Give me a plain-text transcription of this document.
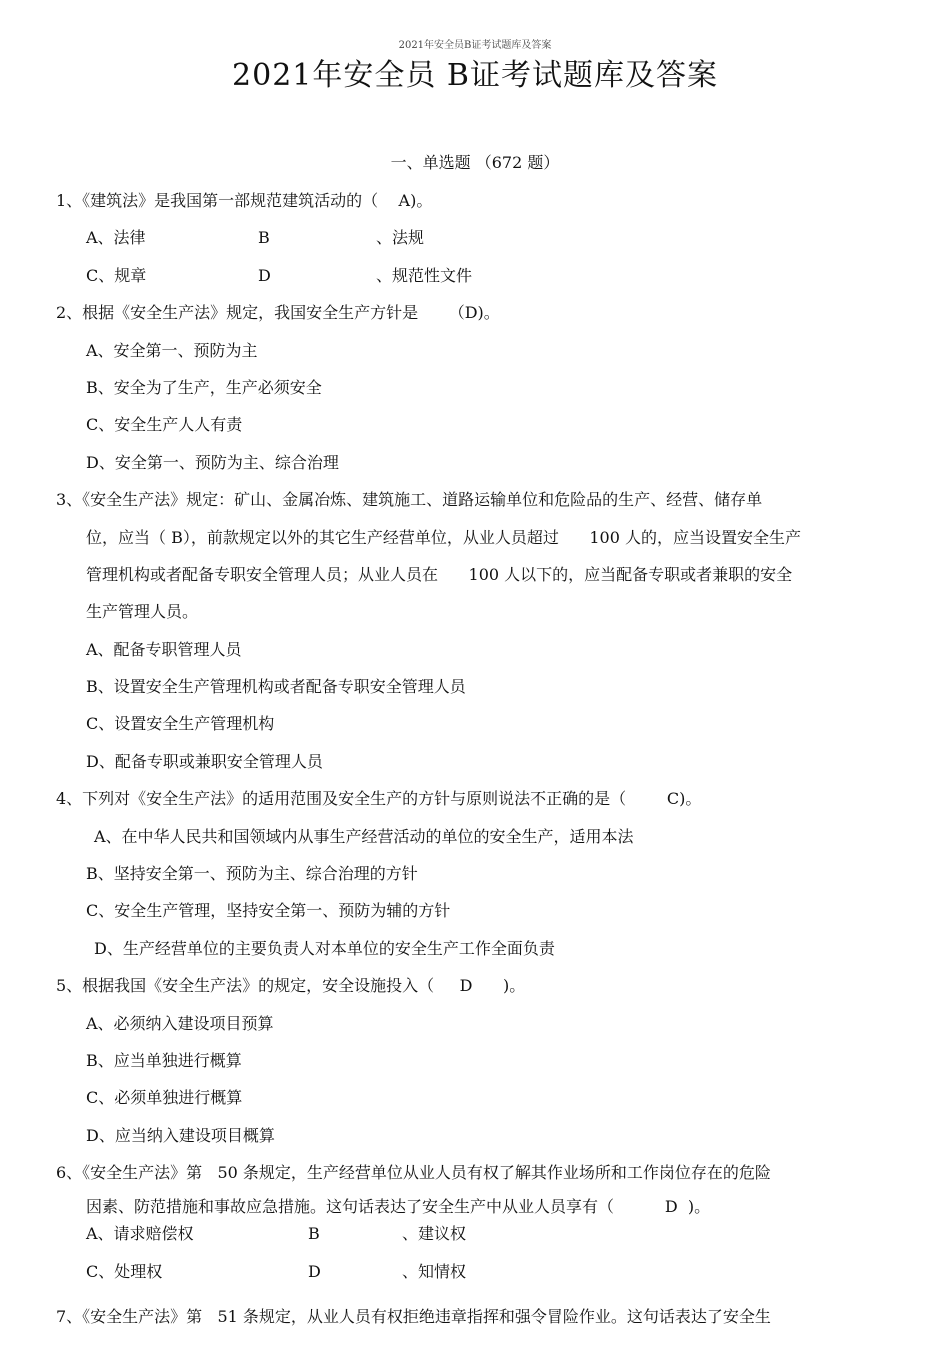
2021年安全员B证考试题库及答案
2021年安全员 B证考试题库及答案
一、单选题 （672 题）
1、《建筑法》是我国第一部规范建筑活动的（    A)。
A、法律	B	、法规
C、规章	D	、规范性文件
2、根据《安全生产法》规定，我国安全生产方针是      （D)。
A、安全第一、预防为主
B、安全为了生产，生产必须安全
C、安全生产人人有责
D、安全第一、预防为主、综合治理
3、《安全生产法》规定：矿山、金属冶炼、建筑施工、道路运输单位和危险品的生产、经营、储存单
位，应当（ B），前款规定以外的其它生产经营单位，从业人员超过      100 人的，应当设置安全生产
管理机构或者配备专职安全管理人员；从业人员在      100 人以下的，应当配备专职或者兼职的安全
生产管理人员。
A、配备专职管理人员
B、设置安全生产管理机构或者配备专职安全管理人员
C、设置安全生产管理机构
D、配备专职或兼职安全管理人员
4、下列对《安全生产法》的适用范围及安全生产的方针与原则说法不正确的是（        C)。
A、在中华人民共和国领域内从事生产经营活动的单位的安全生产，适用本法
B、坚持安全第一、预防为主、综合治理的方针
C、安全生产管理，坚持安全第一、预防为辅的方针
D、生产经营单位的主要负责人对本单位的安全生产工作全面负责
5、根据我国《安全生产法》的规定，安全设施投入（     D      )。
A、必须纳入建设项目预算
B、应当单独进行概算
C、必须单独进行概算
D、应当纳入建设项目概算
6、《安全生产法》第   50 条规定，生产经营单位从业人员有权了解其作业场所和工作岗位存在的危险
因素、防范措施和事故应急措施。这句话表达了安全生产中从业人员享有（          D  )。
A、请求赔偿权	B	、建议权
C、处理权	D	、知情权
7、《安全生产法》第   51 条规定，从业人员有权拒绝违章指挥和强令冒险作业。这句话表达了安全生
